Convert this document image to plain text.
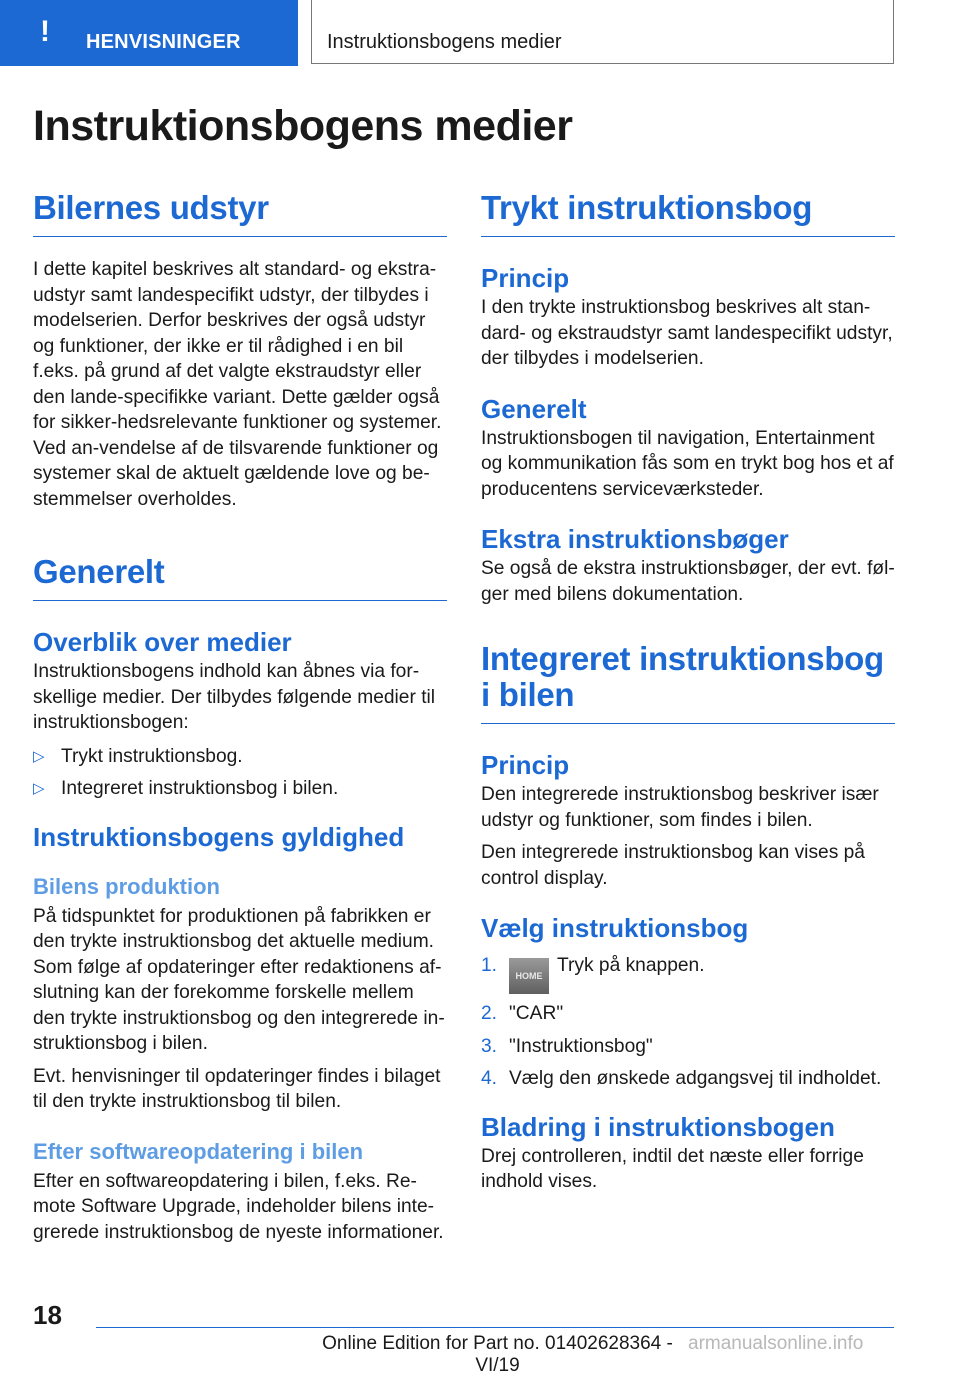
! HENVISNINGER	Instruktionsbogens medier
Instruktionsbogens medier
Bilernes udstyr

I dette kapitel beskrives alt standard- og ekstra-udstyr samt landespecifikt udstyr, der tilbydes i modelserien. Derfor beskrives der også udstyr og funktioner, der ikke er til rådighed i en bil f.eks. på grund af det valgte ekstraudstyr eller den lande-specifikke variant. Dette gælder også for sikker-hedsrelevante funktioner og systemer. Ved an-vendelse af de tilsvarende funktioner og systemer skal de aktuelt gældende love og be-stemmelser overholdes.

Generelt
Overblik over medier

Instruktionsbogens indhold kan åbnes via for-skellige medier. Der tilbydes følgende medier til instruktionsbogen:

▷ Trykt instruktionsbog.
▷ Integreret instruktionsbog i bilen.
Instruktionsbogens gyldighed
Bilens produktion

På tidspunktet for produktionen på fabrikken er den trykte instruktionsbog det aktuelle medium. Som følge af opdateringer efter redaktionens af-slutning kan der forekomme forskelle mellem den trykte instruktionsbog og den integrerede in-struktionsbog i bilen.

Evt. henvisninger til opdateringer findes i bilaget til den trykte instruktionsbog til bilen.

Efter softwareopdatering i bilen

Efter en softwareopdatering i bilen, f.eks. Re-mote Software Upgrade, indeholder bilens inte-grerede instruktionsbog de nyeste informationer.

Trykt instruktionsbog
Princip

I den trykte instruktionsbog beskrives alt stan-dard- og ekstraudstyr samt landespecifikt udstyr, der tilbydes i modelserien.

Generelt

Instruktionsbogen til navigation, Entertainment og kommunikation fås som en trykt bog hos et af producentens serviceværksteder.

Ekstra instruktionsbøger

Se også de ekstra instruktionsbøger, der evt. føl-ger med bilens dokumentation.

Integreret instruktionsbog i bilen
Princip

Den integrerede instruktionsbog beskriver især udstyr og funktioner, som findes i bilen.

Den integrerede instruktionsbog kan vises på control display.

Vælg instruktionsbog
1. HOME Tryk på knappen.
2. "CAR"
3. "Instruktionsbog"
4. Vælg den ønskede adgangsvej til indholdet.
Bladring i instruktionsbogen

Drej controlleren, indtil det næste eller forrige indhold vises.

18
Online Edition for Part no. 01402628364 - VI/19
armanualsonline.info
